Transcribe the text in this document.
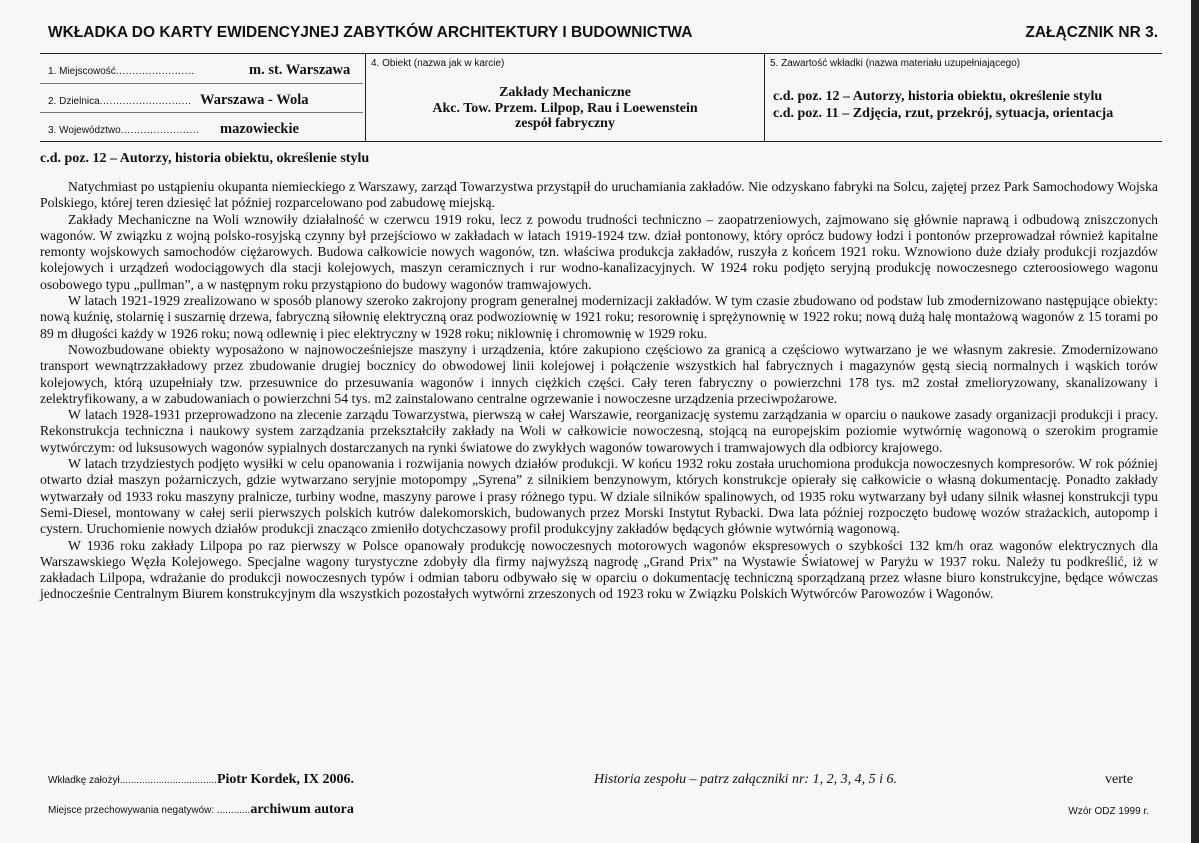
WKŁADKA DO KARTY EWIDENCYJNEJ ZABYTKÓW ARCHITEKTURY I BUDOWNICTWA	ZAŁĄCZNIK NR 3.
1. Miejscowość........................	m. st. Warszawa
2. Dzielnica............................ Warszawa - Wola
3. Województwo........................ mazowieckie
4. Obiekt (nazwa jak w karcie)
Zakłady Mechaniczne
Akc. Tow. Przem. Lilpop, Rau i Loewenstein
zespół fabryczny
5. Zawartość wkładki (nazwa materiału uzupełniającego)
c.d. poz. 12 – Autorzy, historia obiektu, określenie stylu
c.d. poz. 11 – Zdjęcia, rzut, przekrój, sytuacja, orientacja
c.d. poz. 12 – Autorzy, historia obiektu, określenie stylu

Natychmiast po ustąpieniu okupanta niemieckiego z Warszawy, zarząd Towarzystwa przystąpił do uruchamiania zakładów. Nie odzyskano fabryki na Solcu, zajętej przez Park Samochodowy Wojska Polskiego, której teren dziesięć lat później rozparcelowano pod zabudowę miejską.

Zakłady Mechaniczne na Woli wznowiły działalność w czerwcu 1919 roku, lecz z powodu trudności techniczno – zaopatrzeniowych, zajmowano się głównie naprawą i odbudową zniszczonych wagonów. W związku z wojną polsko-rosyjską czynny był przejściowo w zakładach w latach 1919-1924 tzw. dział pontonowy, który oprócz budowy łodzi i pontonów przeprowadzał również kapitalne remonty wojskowych samochodów ciężarowych. Budowa całkowicie nowych wagonów, tzn. właściwa produkcja zakładów, ruszyła z końcem 1921 roku. Wznowiono duże działy produkcji rozjazdów kolejowych i urządzeń wodociągowych dla stacji kolejowych, maszyn ceramicznych i rur wodno-kanalizacyjnych. W 1924 roku podjęto seryjną produkcję nowoczesnego czteroosiowego wagonu osobowego typu „pullman”, a w następnym roku przystąpiono do budowy wagonów tramwajowych.

W latach 1921-1929 zrealizowano w sposób planowy szeroko zakrojony program generalnej modernizacji zakładów. W tym czasie zbudowano od podstaw lub zmodernizowano następujące obiekty: nową kuźnię, stolarnię i suszarnię drzewa, fabryczną siłownię elektryczną oraz podwoziownię w 1921 roku; resorownię i sprężynownię w 1922 roku; nową dużą halę montażową wagonów z 15 torami po 89 m długości każdy w 1926 roku; nową odlewnię i piec elektryczny w 1928 roku; niklownię i chromownię w 1929 roku.

Nowozbudowane obiekty wyposażono w najnowocześniejsze maszyny i urządzenia, które zakupiono częściowo za granicą a częściowo wytwarzano je we własnym zakresie. Zmodernizowano transport wewnątrzzakładowy przez zbudowanie drugiej bocznicy do obwodowej linii kolejowej i połączenie wszystkich hal fabrycznych i magazynów gęstą siecią normalnych i wąskich torów kolejowych, którą uzupełniały tzw. przesuwnice do przesuwania wagonów i innych ciężkich części. Cały teren fabryczny o powierzchni 178 tys. m2 został zmelioryzowany, skanalizowany i zelektryfikowany, a w zabudowaniach o powierzchni 54 tys. m2 zainstalowano centralne ogrzewanie i nowoczesne urządzenia przeciwpożarowe.

W latach 1928-1931 przeprowadzono na zlecenie zarządu Towarzystwa, pierwszą w całej Warszawie, reorganizację systemu zarządzania w oparciu o naukowe zasady organizacji produkcji i pracy. Rekonstrukcja techniczna i naukowy system zarządzania przekształciły zakłady na Woli w całkowicie nowoczesną, stojącą na europejskim poziomie wytwórnię wagonową o szerokim programie wytwórczym: od luksusowych wagonów sypialnych dostarczanych na rynki światowe do zwykłych wagonów towarowych i tramwajowych dla odbiorcy krajowego.

W latach trzydziestych podjęto wysiłki w celu opanowania i rozwijania nowych działów produkcji. W końcu 1932 roku została uruchomiona produkcja nowoczesnych kompresorów. W rok później otwarto dział maszyn pożarniczych, gdzie wytwarzano seryjnie motopompy „Syrena” z silnikiem benzynowym, których konstrukcje opierały się całkowicie o własną dokumentację. Ponadto zakłady wytwarzały od 1933 roku maszyny pralnicze, turbiny wodne, maszyny parowe i prasy różnego typu. W dziale silników spalinowych, od 1935 roku wytwarzany był udany silnik własnej konstrukcji typu Semi-Diesel, montowany w całej serii pierwszych polskich kutrów dalekomorskich, budowanych przez Morski Instytut Rybacki. Dwa lata później rozpoczęto budowę wozów strażackich, autopomp i cystern. Uruchomienie nowych działów produkcji znacząco zmieniło dotychczasowy profil produkcyjny zakładów będących głównie wytwórnią wagonową.

W 1936 roku zakłady Lilpopa po raz pierwszy w Polsce opanowały produkcję nowoczesnych motorowych wagonów ekspresowych o szybkości 132 km/h oraz wagonów elektrycznych dla Warszawskiego Węzła Kolejowego. Specjalne wagony turystyczne zdobyły dla firmy najwyższą nagrodę „Grand Prix” na Wystawie Światowej w Paryżu w 1937 roku. Należy tu podkreślić, iż w zakładach Lilpopa, wdrażanie do produkcji nowoczesnych typów i odmian taboru odbywało się w oparciu o dokumentację techniczną sporządzaną przez własne biuro konstrukcyjne, będące wówczas jednocześnie Centralnym Biurem konstrukcyjnym dla wszystkich pozostałych wytwórni zrzeszonych od 1923 roku w Związku Polskich Wytwórców Parowozów i Wagonów.

Wkładkę założył...................................Piotr Kordek, IX 2006.	Historia zespołu – patrz załączniki nr: 1, 2, 3, 4, 5 i 6.	verte
Miejsce przechowywania negatywów: ............archiwum autora	Wzór ODZ 1999 r.
